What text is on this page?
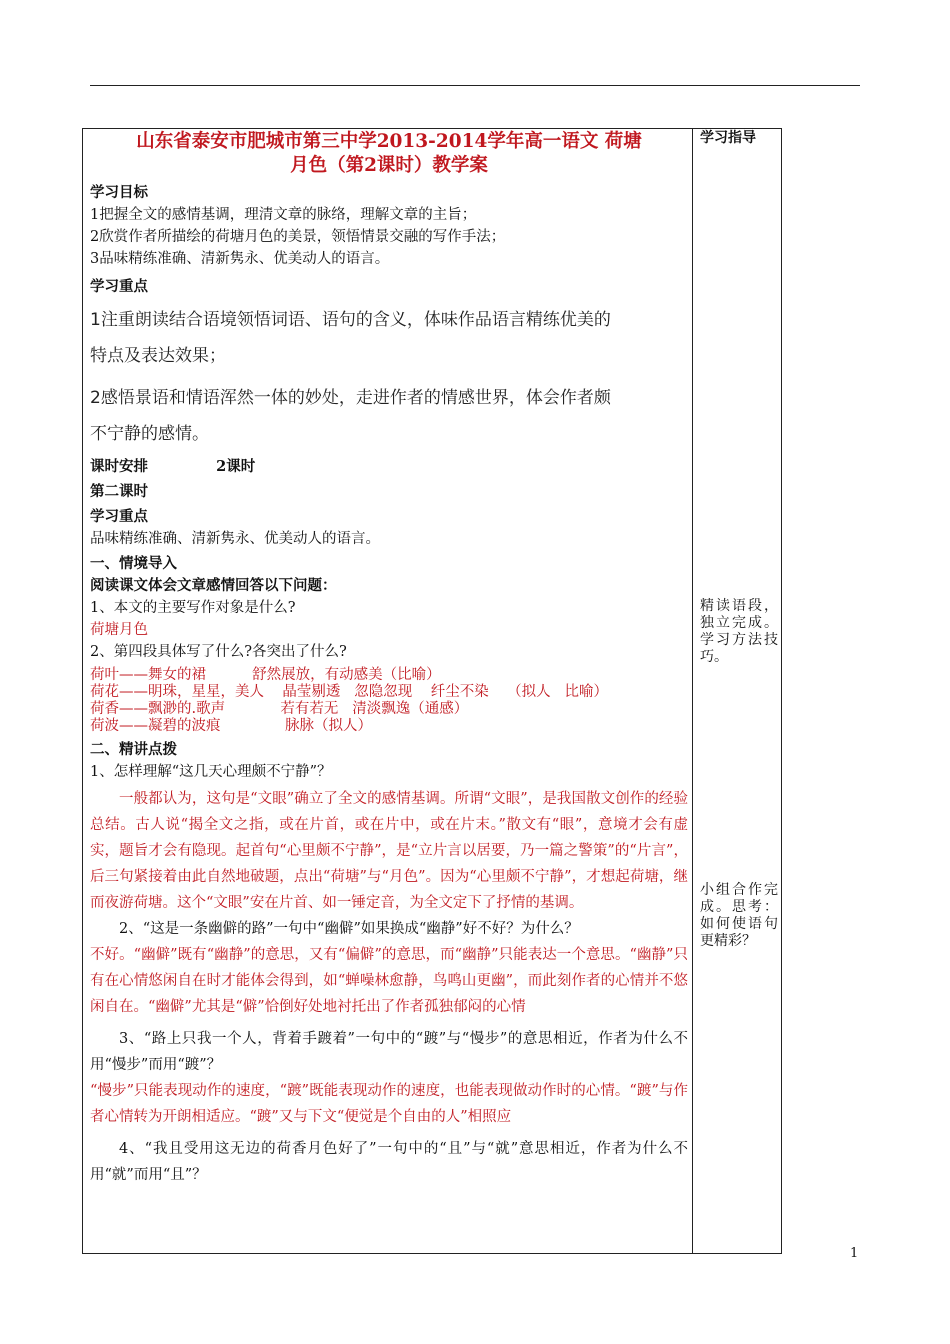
山东省泰安市肥城市第三中学2013-2014学年高一语文 荷塘
月色（第2课时）教学案

学习目标

1把握全文的感情基调，理清文章的脉络，理解文章的主旨；

2欣赏作者所描绘的荷塘月色的美景，领悟情景交融的写作手法；

3品味精练准确、清新隽永、优美动人的语言。

学习重点

1注重朗读结合语境领悟词语、语句的含义，体味作品语言精练优美的

特点及表达效果；

2感悟景语和情语浑然一体的妙处，走进作者的情感世界，体会作者颇

不宁静的感情。

课时安排	2课时

第二课时

学习重点

品味精练准确、清新隽永、优美动人的语言。

一、情境导入

阅读课文体会文章感情回答以下问题：

1、本文的主要写作对象是什么?

荷塘月色

2、第四段具体写了什么?各突出了什么?

荷叶——舞女的裙          舒然展放，有动感美（比喻）
荷花——明珠，星星，美人    晶莹剔透   忽隐忽现    纤尘不染    （拟人   比喻）
荷香——飘渺的.歌声            若有若无   清淡飘逸（通感）
荷波——凝碧的波痕              脉脉（拟人）

二、精讲点拨

1、怎样理解“这几天心理颇不宁静”？

一般都认为，这句是“文眼”确立了全文的感情基调。所谓“文眼”，是我国散文创作的经验总结。古人说“揭全文之指，或在片首，或在片中，或在片末。”散文有“眼”，意境才会有虚实，题旨才会有隐现。起首句“心里颇不宁静”，是“立片言以居要，乃一篇之警策”的“片言”，后三句紧接着由此自然地破题，点出“荷塘”与“月色”。因为“心里颇不宁静”，才想起荷塘，继而夜游荷塘。这个“文眼”安在片首、如一锤定音，为全文定下了抒情的基调。

2、“这是一条幽僻的路”一句中“幽僻”如果换成“幽静”好不好？为什么？

不好。“幽僻”既有“幽静”的意思，又有“偏僻”的意思，而“幽静”只能表达一个意思。“幽静”只有在心情悠闲自在时才能体会得到，如“蝉噪林愈静，鸟鸣山更幽”，而此刻作者的心情并不悠闲自在。“幽僻”尤其是“僻”恰倒好处地衬托出了作者孤独郁闷的心情

3、“路上只我一个人，背着手踱着”一句中的“踱”与“慢步”的意思相近，作者为什么不用“慢步”而用“踱”？

“慢步”只能表现动作的速度，“踱”既能表现动作的速度，也能表现做动作时的心情。“踱”与作者心情转为开朗相适应。“踱”又与下文“便觉是个自由的人”相照应

4、“我且受用这无边的荷香月色好了”一句中的“且”与“就”意思相近，作者为什么不用“就”而用“且”？

学习指导

精读语段，独立完成。学习方法技巧。

小组合作完成。思考：如何使语句更精彩？

1
